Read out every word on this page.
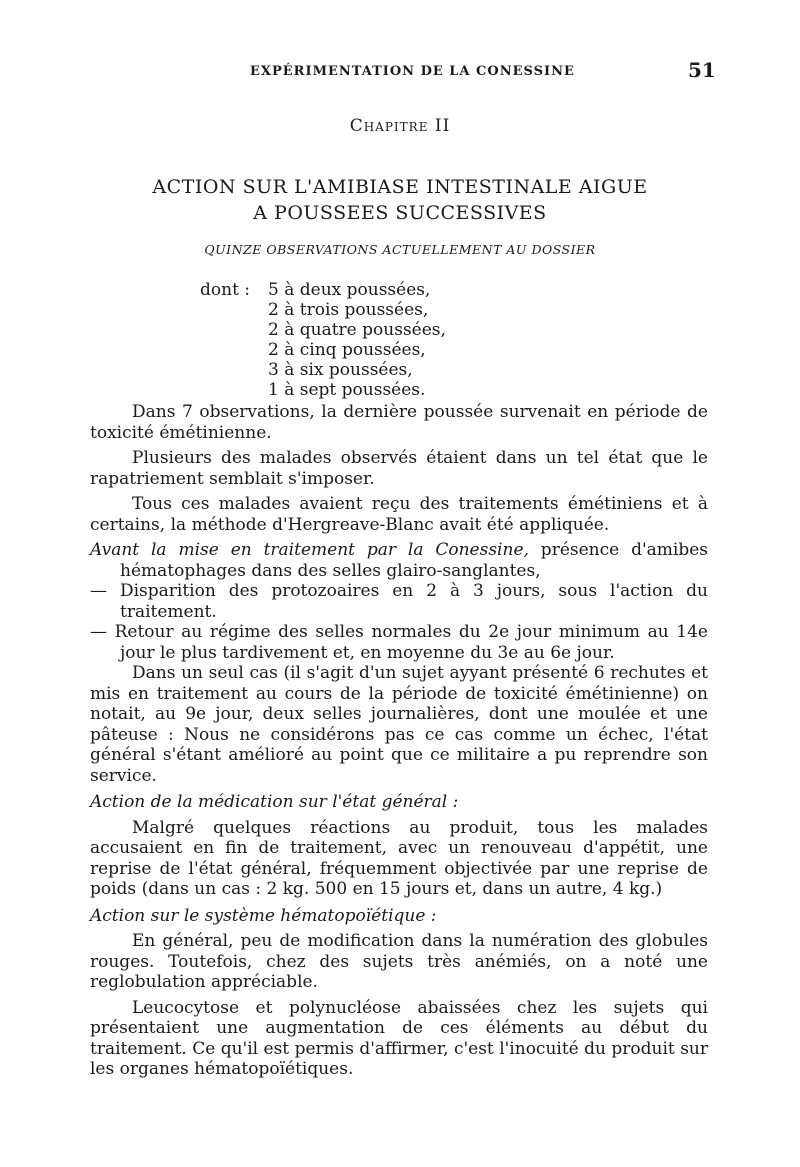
EXPÉRIMENTATION DE LA CONESSINE	51
Chapitre II
ACTION SUR L'AMIBIASE INTESTINALE AIGUE
A POUSSEES SUCCESSIVES
QUINZE OBSERVATIONS ACTUELLEMENT AU DOSSIER
dont : 5 à deux poussées,
2 à trois poussées,
2 à quatre poussées,
2 à cinq poussées,
3 à six poussées,
1 à sept poussées.

Dans 7 observations, la dernière poussée survenait en période de toxicité émétinienne.

Plusieurs des malades observés étaient dans un tel état que le rapatriement semblait s'imposer.

Tous ces malades avaient reçu des traitements émétiniens et à certains, la méthode d'Hergreave-Blanc avait été appliquée.

Avant la mise en traitement par la Conessine, présence d'amibes hématophages dans des selles glairo-sanglantes,

— Disparition des protozoaires en 2 à 3 jours, sous l'action du traitement.

— Retour au régime des selles normales du 2e jour minimum au 14e jour le plus tardivement et, en moyenne du 3e au 6e jour.

Dans un seul cas (il s'agit d'un sujet ayyant présenté 6 rechutes et mis en traitement au cours de la période de toxicité émétinienne) on notait, au 9e jour, deux selles journalières, dont une moulée et une pâteuse : Nous ne considérons pas ce cas comme un échec, l'état général s'étant amélioré au point que ce militaire a pu reprendre son service.

Action de la médication sur l'état général :

Malgré quelques réactions au produit, tous les malades accusaient en fin de traitement, avec un renouveau d'appétit, une reprise de l'état général, fréquemment objectivée par une reprise de poids (dans un cas : 2 kg. 500 en 15 jours et, dans un autre, 4 kg.)

Action sur le système hématopoïétique :

En général, peu de modification dans la numération des globules rouges. Toutefois, chez des sujets très anémiés, on a noté une reglobulation appréciable.

Leucocytose et polynucléose abaissées chez les sujets qui présentaient une augmentation de ces éléments au début du traitement. Ce qu'il est permis d'affirmer, c'est l'inocuité du produit sur les organes hématopoïétiques.
